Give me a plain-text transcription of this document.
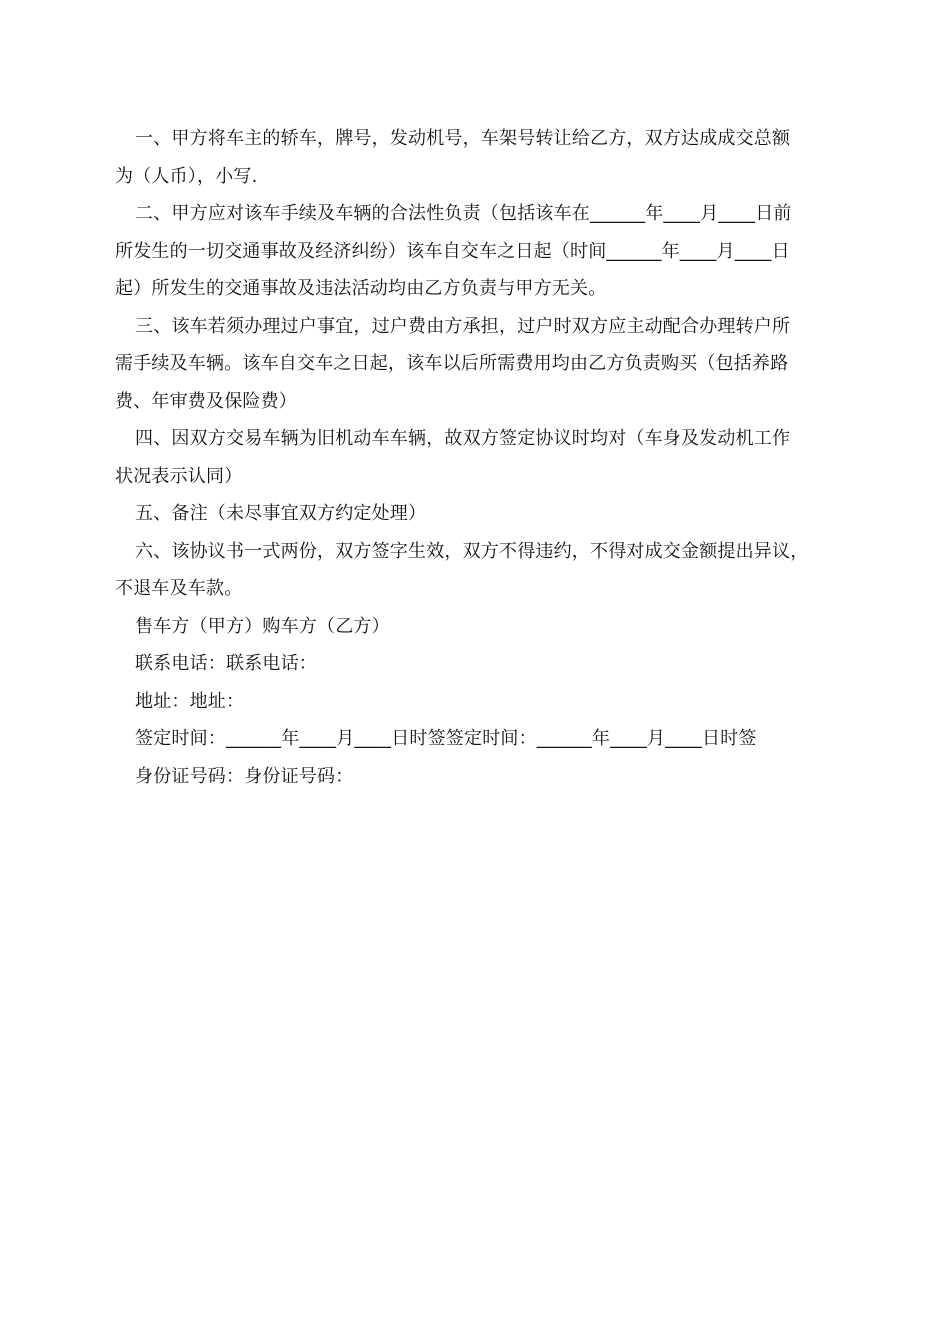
一、甲方将车主的轿车，牌号，发动机号，车架号转让给乙方，双方达成成交总额
为（人币），小写.
二、甲方应对该车手续及车辆的合法性负责（包括该车在______年____月____日前
所发生的一切交通事故及经济纠纷）该车自交车之日起（时间______年____月____日
起）所发生的交通事故及违法活动均由乙方负责与甲方无关。
三、该车若须办理过户事宜，过户费由方承担，过户时双方应主动配合办理转户所
需手续及车辆。该车自交车之日起，该车以后所需费用均由乙方负责购买（包括养路
费、年审费及保险费）
四、因双方交易车辆为旧机动车车辆，故双方签定协议时均对（车身及发动机工作
状况表示认同）
五、备注（未尽事宜双方约定处理）
六、该协议书一式两份，双方签字生效，双方不得违约，不得对成交金额提出异议，
不退车及车款。
售车方（甲方）购车方（乙方）
联系电话：联系电话：
地址：地址：
签定时间：______年____月____日时签签定时间：______年____月____日时签
身份证号码：身份证号码：
